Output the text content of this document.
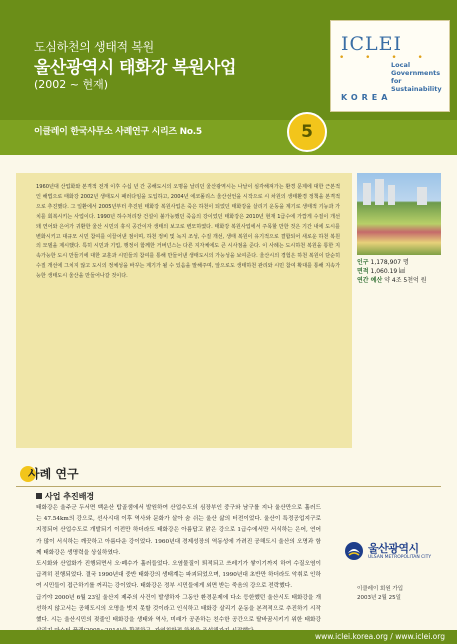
도심하천의 생태적 복원
울산광역시 태화강 복원사업
(2002 ~ 현재)
이클레이 한국사무소 사례연구 시리즈 No.5
ICLEI
• • • •
Local
Governments
for Sustainability
KOREA
5
1960년대 산업화와 본격적 전개 이후 수십 년 간 공해도시의 오명을 날리던 울산광역시는 나날이 심각해져가는 환경 문제에 대한 근본적인 해법으로 태화강 2002년 생태도시 패러다임을 도입하고, 2004년 에코폴리스 울산선언을 시작으로 시 차원의 생태환경 정책을 본격적으로 추진했다. 그 일환에서 2005년부터 추진된 태화강 복원사업은 죽은 하천이 되었던 태화강을 살리기 운동을 계기로 생태적 기능과 가치를 회복시키는 사업이다. 1990년 하수처리장 건설이 불가능했던 죽음의 강이었던 태화강은 2010년 현재 1급수에 가깝게 수질이 개선돼 연어와 은어가 귀환한 울산 시민의 휴식 공간이자 생태의 보고로 변모하였다. 태화강 복원사업에서 주목할 만한 것은 기간 내에 도시를 변화시키고 대규모 시민 참여를 이끌어낸 점이며, 하천 정비 및 녹지 조성, 수질 개선, 생태 복원이 유기적으로 결합되어 새로운 하천 복원의 모델을 제시했다. 특히 시민과 기업, 행정이 함께한 거버넌스는 다른 지자체에도 큰 시사점을 준다. 이 사례는 도시하천 복원을 통한 지속가능한 도시 만들기에 대한 교훈과 시민들의 참여를 통해 만들어낸 생태도시의 가능성을 보여준다. 울산시의 경험은 하천 복원이 단순히 수질 개선에 그치지 않고 도시의 정체성을 바꾸는 계기가 될 수 있음을 말해주며, 앞으로도 생태하천 관리와 시민 참여 확대를 통해 지속가능한 생태도시 울산을 만들어나갈 것이다.
인구 1,178,907 명
면적 1,060.19 ㎢
연간 예산 약 4조 5천억 원
사례 연구
사업 추진배경

태화강은 울주군 두서면 백운산 탑골샘에서 발원하여 산업수도의 심장부인 중구와 남구를 지나 울산만으로 흘러드는 47.54km의 강으로, 선사시대 이후 역사와 문화가 살아 숨 쉬는 울산 삶의 터전이었다. 울산이 특정공업지구로 지정되어 산업수도로 개발되기 이전만 하더라도 태화강은 아름답고 맑은 강으로 1급수에서만 서식하는 은어, 연어가 많이 서식하는 깨끗하고 아름다운 강이었다. 1960년대 경제성장의 역동성에 가려진 공해도시 울산의 오명과 함께 태화강은 생명력을 상실하였다.

도시화와 산업화가 진행되면서 오·폐수가 흘러들었다. 오염물질이 퇴적되고 쓰레기가 쌓이기까지 하여 수질오염이 급격히 진행되었다. 결국 1990년대 중반 태화강의 생태계는 파괴되었으며, 1990년대 초반만 하더라도 악취로 인하여 시민들이 접근하기를 꺼리는 강이었다. 태화강은 정부 시민들에게 외면 받는 죽음의 강으로 전락했다.

급기야 2000년 6월 23일 울산지 제주의 사건이 발생하자 그동안 환경문제에 다소 등한했던 울산시도 태화강을 개선하지 않고서는 공해도시의 오명을 벗지 못할 것이라고 인식하고 태화강 살리기 운동을 본격적으로 추진하기 시작했다. 시는 울산시민의 젖줄인 태화강을 생태와 역사, 미래가 공존하는 친수한 공간으로 탈바꿈시키기 위한 태화강

울산광역시
ULSAN METROPOLITAN CITY
이클레이 회원 가입
2003년 2월 25일
www.iclei.korea.org / www.iclei.org
